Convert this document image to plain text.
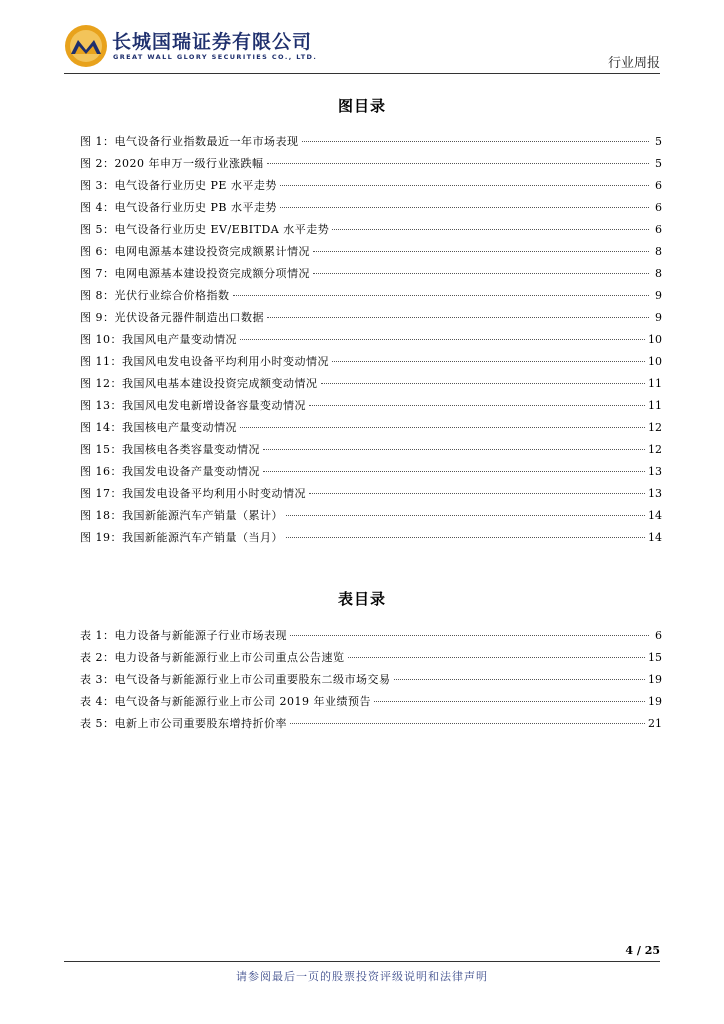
长城国瑞证券有限公司
GREAT WALL GLORY SECURITIES CO., LTD.	行业周报
图目录
图 1：电气设备行业指数最近一年市场表现	5
图 2：2020 年申万一级行业涨跌幅	5
图 3：电气设备行业历史 PE 水平走势	6
图 4：电气设备行业历史 PB 水平走势	6
图 5：电气设备行业历史 EV/EBITDA 水平走势	6
图 6：电网电源基本建设投资完成额累计情况	8
图 7：电网电源基本建设投资完成额分项情况	8
图 8：光伏行业综合价格指数	9
图 9：光伏设备元器件制造出口数据	9
图 10：我国风电产量变动情况	10
图 11：我国风电发电设备平均利用小时变动情况	10
图 12：我国风电基本建设投资完成额变动情况	11
图 13：我国风电发电新增设备容量变动情况	11
图 14：我国核电产量变动情况	12
图 15：我国核电各类容量变动情况	12
图 16：我国发电设备产量变动情况	13
图 17：我国发电设备平均利用小时变动情况	13
图 18：我国新能源汽车产销量（累计）	14
图 19：我国新能源汽车产销量（当月）	14
表目录
表 1：电力设备与新能源子行业市场表现	6
表 2：电力设备与新能源行业上市公司重点公告速览	15
表 3：电气设备与新能源行业上市公司重要股东二级市场交易	19
表 4：电气设备与新能源行业上市公司 2019 年业绩预告	19
表 5：电新上市公司重要股东增持折价率	21
4 / 25
请参阅最后一页的股票投资评级说明和法律声明
